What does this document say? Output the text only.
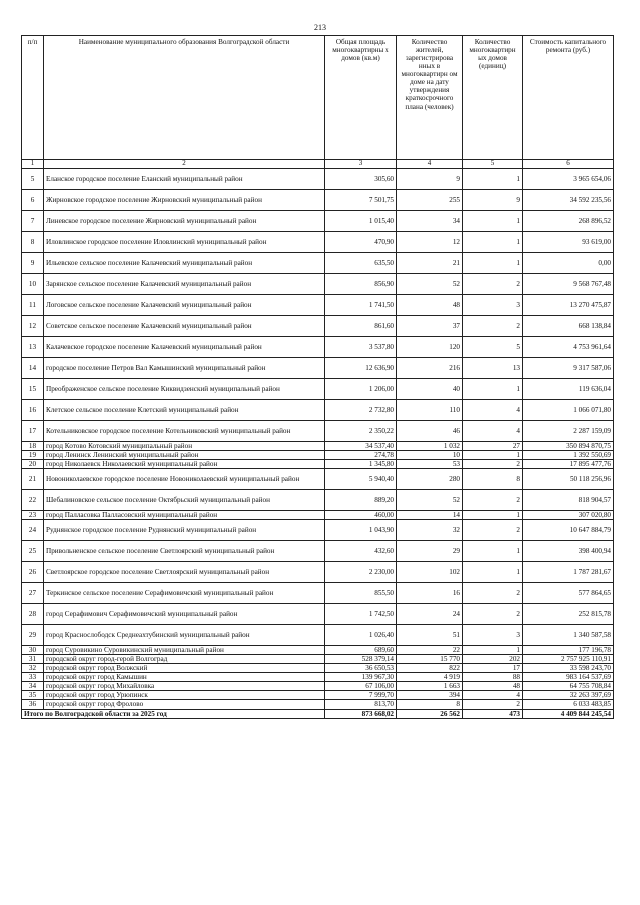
213
п/п	Наименование муниципального образования Волгоградской области	Общая площадь многоквартирны х домов (кв.м)	Количество жителей, зарегистрирова нных в многоквартирн ом доме на дату утверждения краткосрочного плана (человек)	Количество многоквартирн ых домов (единиц)	Стоимость капитального ремонта (руб.)
1	2	3	4	5	6
5	Еланское городское поселение Еланский муниципальный район	305,60	9	1	3 965 654,06
6	Жирновское городское поселение Жирновский муниципальный район	7 501,75	255	9	34 592 235,56
7	Линевское городское поселение Жирновский муниципальный район	1 015,40	34	1	268 896,52
8	Иловлинское городское поселение Иловлинский муниципальный район	470,90	12	1	93 619,00
9	Ильевское сельское поселение Калачевский муниципальный район	635,50	21	1	0,00
10	Зарянское сельское поселение Калачевский муниципальный район	856,90	52	2	9 568 767,48
11	Логовское сельское поселение Калачевский муниципальный район	1 741,50	48	3	13 270 475,87
12	Советское сельское поселение Калачевский муниципальный район	861,60	37	2	668 138,84
13	Калачевское городское поселение Калачевский муниципальный район	3 537,80	120	5	4 753 961,64
14	городское поселение Петров Вал Камышинский муниципальный район	12 636,90	216	13	9 317 587,06
15	Преображенское сельское поселение Киквидзенский муниципальный район	1 206,00	40	1	119 636,04
16	Клетское сельское поселение Клетский муниципальный район	2 732,80	110	4	1 066 071,80
17	Котельниковское городское поселение Котельниковский муниципальный район	2 350,22	46	4	2 287 159,09
18	город Котово Котовский муниципальный район	34 537,40	1 032	27	350 894 870,75
19	город Ленинск Ленинский муниципальный район	274,78	10	1	1 392 550,69
20	город Николаевск Николаевский муниципальный район	1 345,80	53	2	17 895 477,76
21	Новониколаевское городское поселение Новониколаевский муниципальный район	5 940,40	280	8	50 118 256,96
22	Шебалиновское сельское поселение Октябрьский муниципальный район	889,20	52	2	818 904,57
23	город Палласовка Палласовский муниципальный район	460,00	14	1	307 020,80
24	Руднянское городское поселение Руднянский муниципальный район	1 043,90	32	2	10 647 884,79
25	Привольненское сельское поселение Светлоярский муниципальный район	432,60	29	1	398 400,94
26	Светлоярское городское поселение Светлоярский муниципальный район	2 230,00	102	1	1 787 281,67
27	Теркинское сельское поселение Серафимовичский муниципальный район	855,50	16	2	577 864,65
28	город Серафимович Серафимовичский муниципальный район	1 742,50	24	2	252 815,78
29	город Краснослободск Среднеахтубинский муниципальный район	1 026,40	51	3	1 340 587,58
30	город Суровикино Суровикинский муниципальный район	689,60	22	1	177 196,78
31	городской округ город-герой Волгоград	528 379,14	15 770	202	2 757 925 110,91
32	городской округ город Волжский	36 650,53	822	17	33 598 243,70
33	городской округ город Камышин	139 967,30	4 919	88	983 164 537,69
34	городской округ город Михайловка	67 106,00	1 663	48	64 755 708,84
35	городской округ город Урюпинск	7 999,70	394	4	32 263 397,69
36	городской округ город Фролово	813,70	8	2	6 033 483,85
Итого по Волгоградской области за 2025 год		873 668,02	26 562	473	4 409 844 245,54
